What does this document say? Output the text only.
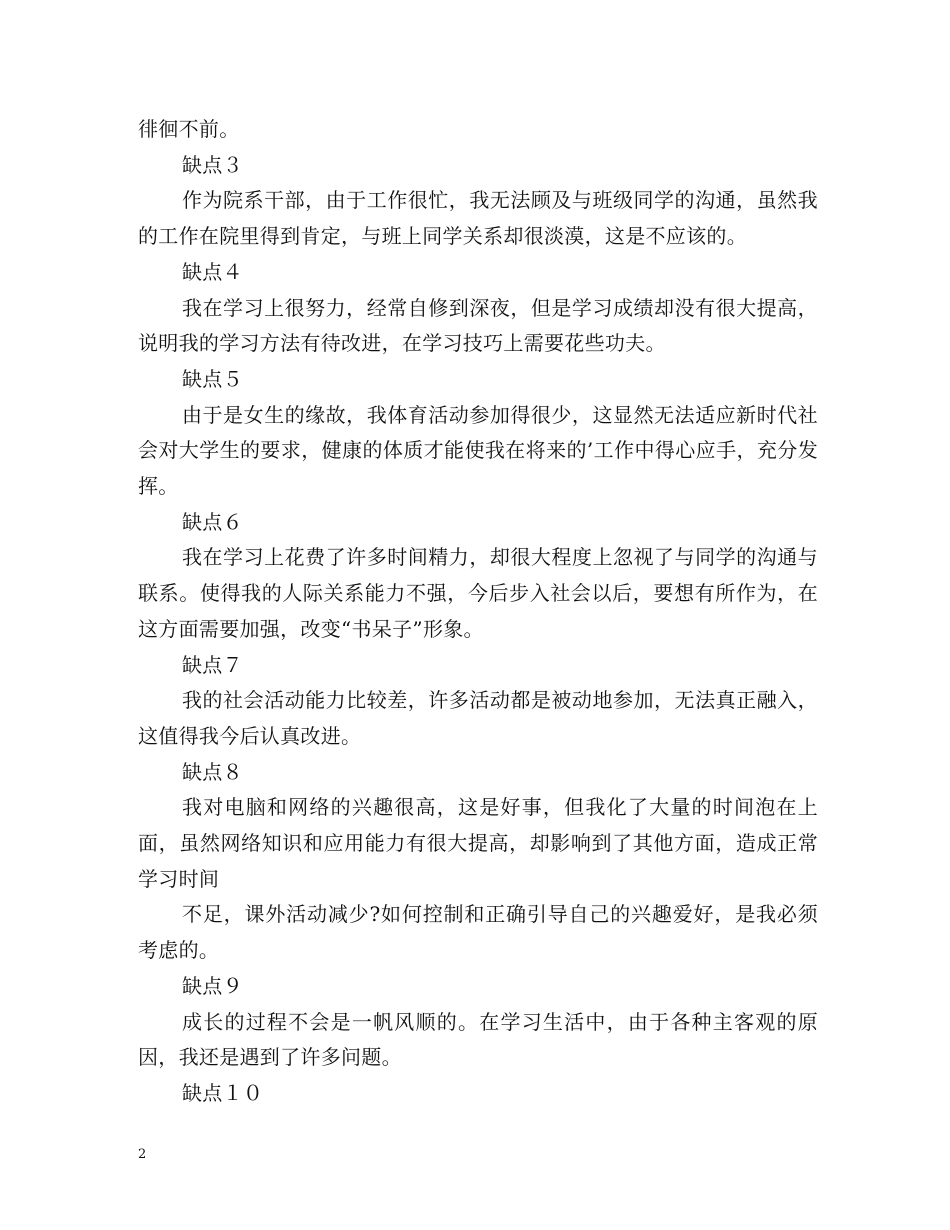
徘徊不前。

缺点３

作为院系干部，由于工作很忙，我无法顾及与班级同学的沟通，虽然我的工作在院里得到肯定，与班上同学关系却很淡漠，这是不应该的。

缺点４

我在学习上很努力，经常自修到深夜，但是学习成绩却没有很大提高，说明我的学习方法有待改进，在学习技巧上需要花些功夫。

缺点５

由于是女生的缘故，我体育活动参加得很少，这显然无法适应新时代社会对大学生的要求，健康的体质才能使我在将来的’工作中得心应手，充分发挥。

缺点６

我在学习上花费了许多时间精力，却很大程度上忽视了与同学的沟通与联系。使得我的人际关系能力不强，今后步入社会以后，要想有所作为，在这方面需要加强，改变“书呆子”形象。

缺点７

我的社会活动能力比较差，许多活动都是被动地参加，无法真正融入，这值得我今后认真改进。

缺点８

我对电脑和网络的兴趣很高，这是好事，但我化了大量的时间泡在上面，虽然网络知识和应用能力有很大提高，却影响到了其他方面，造成正常学习时间

不足，课外活动减少?如何控制和正确引导自己的兴趣爱好，是我必须考虑的。

缺点９

成长的过程不会是一帆风顺的。在学习生活中，由于各种主客观的原因，我还是遇到了许多问题。

缺点１０

2
